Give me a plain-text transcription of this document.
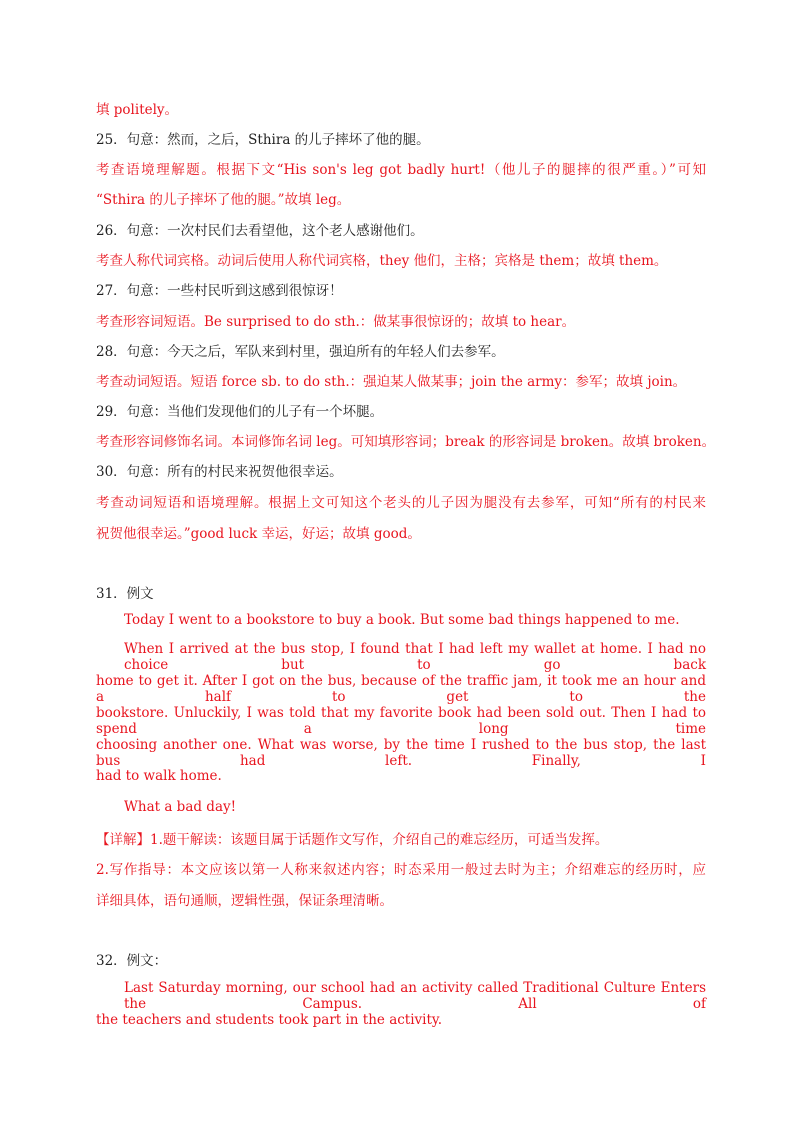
填 politely。
25．句意：然而，之后，Sthira 的儿子摔坏了他的腿。
考查语境理解题。根据下文“His son's leg got badly hurt!（他儿子的腿摔的很严重。）”可知
“Sthira 的儿子摔坏了他的腿。”故填 leg。
26．句意：一次村民们去看望他，这个老人感谢他们。
考查人称代词宾格。动词后使用人称代词宾格，they 他们，主格；宾格是 them；故填 them。
27．句意：一些村民听到这感到很惊讶！
考查形容词短语。Be surprised to do sth.：做某事很惊讶的；故填 to hear。
28．句意：今天之后，军队来到村里，强迫所有的年轻人们去参军。
考查动词短语。短语 force sb. to do sth.：强迫某人做某事；join the army：参军；故填 join。
29．句意：当他们发现他们的儿子有一个坏腿。
考查形容词修饰名词。本词修饰名词 leg。可知填形容词；break 的形容词是 broken。故填 broken。
30．句意：所有的村民来祝贺他很幸运。
考查动词短语和语境理解。根据上文可知这个老头的儿子因为腿没有去参军，可知“所有的村民来
祝贺他很幸运。”good luck 幸运，好运；故填 good。
31．例文
Today I went to a bookstore to buy a book. But some bad things happened to me.
When I arrived at the bus stop, I found that I had left my wallet at home. I had no choice but to go back
home to get it. After I got on the bus, because of the traffic jam, it took me an hour and a half to get to the
bookstore. Unluckily, I was told that my favorite book had been sold out. Then I had to spend a long time
choosing another one. What was worse, by the time I rushed to the bus stop, the last bus had left. Finally, I
had to walk home.
What a bad day!
【详解】1.题干解读：该题目属于话题作文写作，介绍自己的难忘经历，可适当发挥。
2.写作指导：本文应该以第一人称来叙述内容；时态采用一般过去时为主；介绍难忘的经历时，应
详细具体，语句通顺，逻辑性强，保证条理清晰。
32．例文：
Last Saturday morning, our school had an activity called Traditional Culture Enters the Campus. All of
the teachers and students took part in the activity.
